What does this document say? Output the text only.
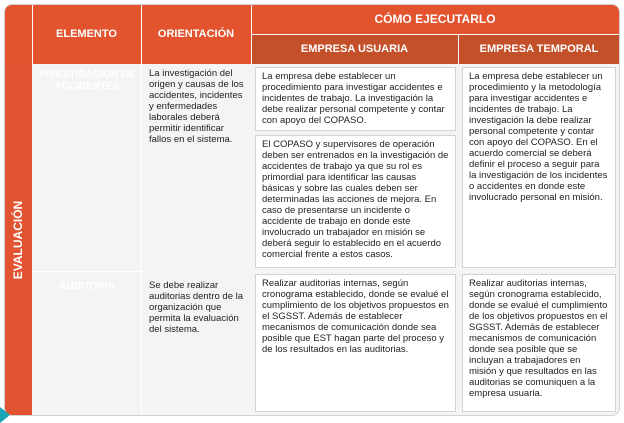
ELEMENTO	ORIENTACIÓN
CÓMO EJECUTARLO
EMPRESA USUARIA	EMPRESA TEMPORAL
EVALUACIÓN
INVESTIGACIÓN DE ACCIDENTES
AUDITORIA
La investigación del origen y causas de los accidentes, incidentes y enfermedades laborales deberá permitir identificar fallos en el sistema.
Se debe realizar auditorias dentro de la organización que permita la evaluación del sistema.
La empresa debe establecer un procedimiento para investigar accidentes e incidentes de trabajo. La investigación la debe realizar personal competente y contar con apoyo del COPASO.
El COPASO y supervisores de operación deben ser entrenados en la investigación de accidentes de trabajo ya que su rol es primordial para identificar las causas básicas y sobre las cuales deben ser determinadas las acciones de mejora. En caso de presentarse un incidente o accidente de trabajo en donde este involucrado un trabajador en misión se deberá seguir lo establecido en el acuerdo comercial frente a estos casos.
Realizar auditorias internas, según cronograma establecido, donde se evalué el cumplimiento de los objetivos propuestos en el SGSST. Además de establecer mecanismos de comunicación donde sea posible que EST hagan parte del proceso y de los resultados en las auditorias.
La empresa debe establecer un procedimiento y la metodología para investigar accidentes e incidentes de trabajo. La investigación la debe realizar personal competente y contar con apoyo del COPASO. En el acuerdo comercial se deberá definir el proceso a seguir para la investigación de los incidentes o accidentes en donde este involucrado personal en misión.
Realizar auditorias internas, según cronograma establecido, donde se evalué el cumplimiento de los objetivos propuestos en el SGSST. Además de establecer mecanismos de comunicación donde sea posible que se incluyan a trabajadores en misión y que resultados en las auditorias se comuniquen a la empresa usuaria.
